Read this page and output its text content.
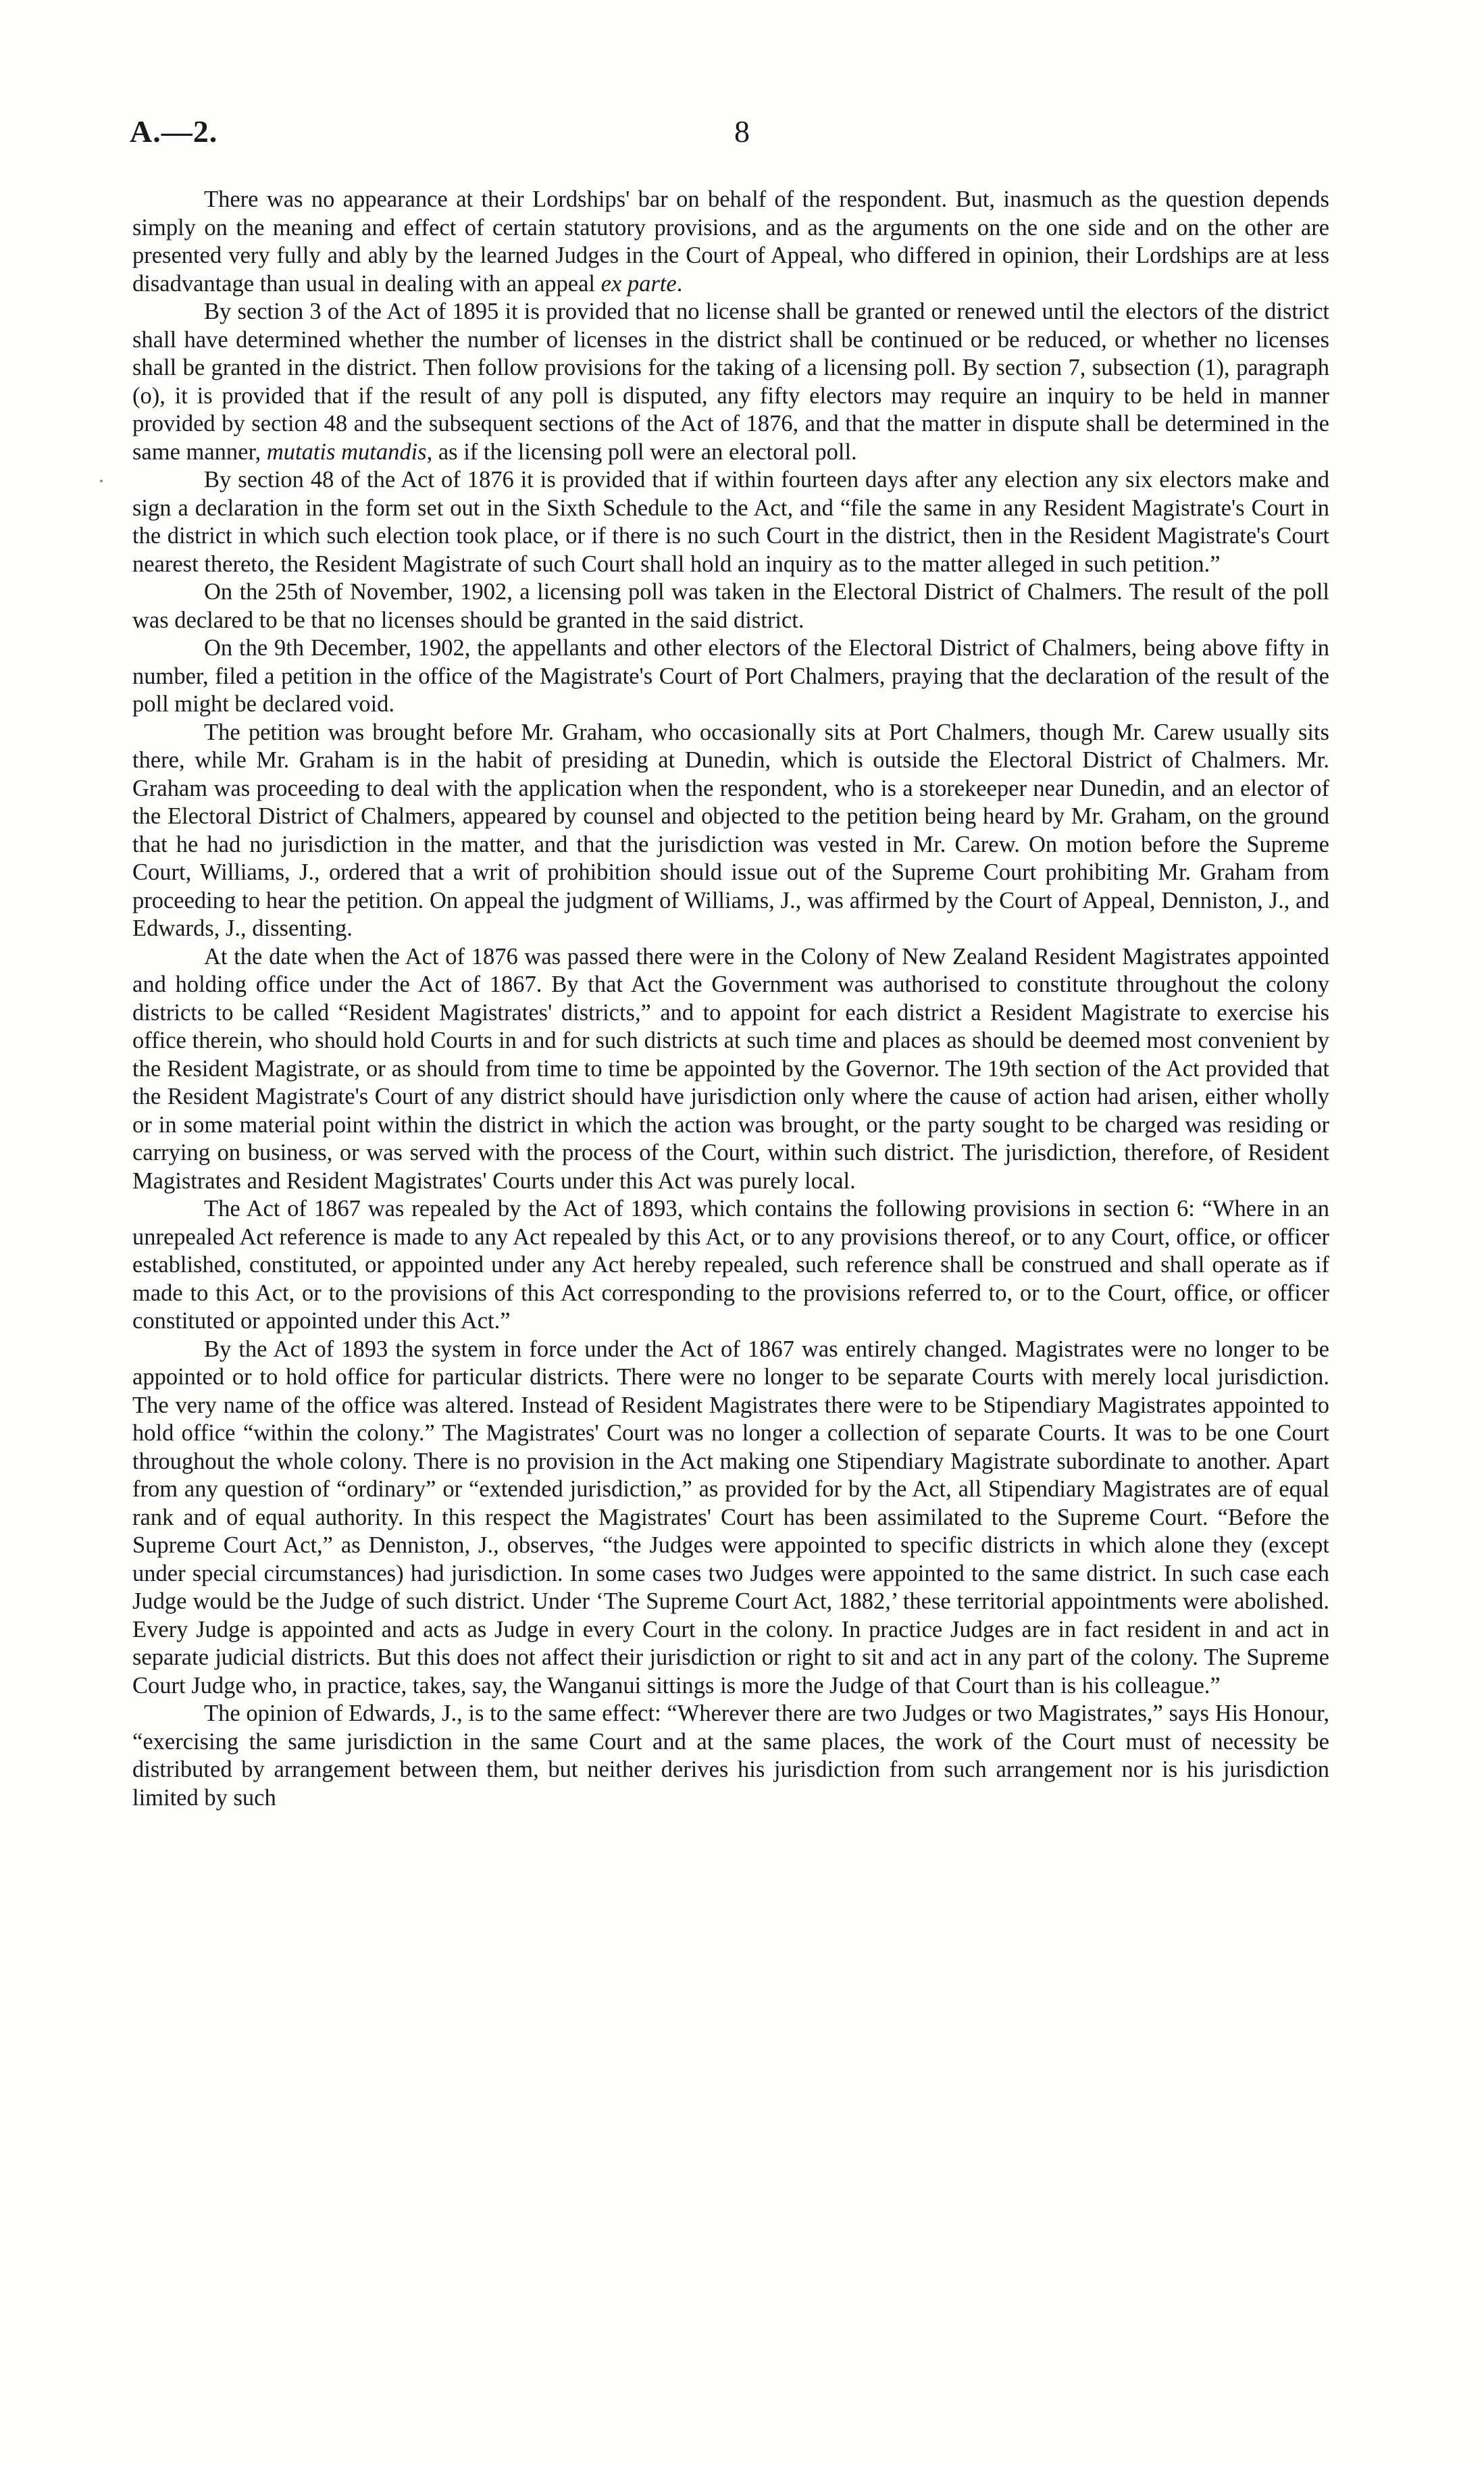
A.—2.	8

There was no appearance at their Lordships' bar on behalf of the respondent. But, inasmuch as the question depends simply on the meaning and effect of certain statutory provisions, and as the arguments on the one side and on the other are presented very fully and ably by the learned Judges in the Court of Appeal, who differed in opinion, their Lordships are at less disadvantage than usual in dealing with an appeal ex parte.

By section 3 of the Act of 1895 it is provided that no license shall be granted or renewed until the electors of the district shall have determined whether the number of licenses in the district shall be continued or be reduced, or whether no licenses shall be granted in the district. Then follow provisions for the taking of a licensing poll. By section 7, subsection (1), paragraph (o), it is provided that if the result of any poll is disputed, any fifty electors may require an inquiry to be held in manner provided by section 48 and the subsequent sections of the Act of 1876, and that the matter in dispute shall be determined in the same manner, mutatis mutandis, as if the licensing poll were an electoral poll.

By section 48 of the Act of 1876 it is provided that if within fourteen days after any election any six electors make and sign a declaration in the form set out in the Sixth Schedule to the Act, and “file the same in any Resident Magistrate's Court in the district in which such election took place, or if there is no such Court in the district, then in the Resident Magistrate's Court nearest thereto, the Resident Magistrate of such Court shall hold an inquiry as to the matter alleged in such petition.”

On the 25th of November, 1902, a licensing poll was taken in the Electoral District of Chalmers. The result of the poll was declared to be that no licenses should be granted in the said district.

On the 9th December, 1902, the appellants and other electors of the Electoral District of Chalmers, being above fifty in number, filed a petition in the office of the Magistrate's Court of Port Chalmers, praying that the declaration of the result of the poll might be declared void.

The petition was brought before Mr. Graham, who occasionally sits at Port Chalmers, though Mr. Carew usually sits there, while Mr. Graham is in the habit of presiding at Dunedin, which is outside the Electoral District of Chalmers. Mr. Graham was proceeding to deal with the application when the respondent, who is a storekeeper near Dunedin, and an elector of the Electoral District of Chalmers, appeared by counsel and objected to the petition being heard by Mr. Graham, on the ground that he had no jurisdiction in the matter, and that the jurisdiction was vested in Mr. Carew. On motion before the Supreme Court, Williams, J., ordered that a writ of prohibition should issue out of the Supreme Court prohibiting Mr. Graham from proceeding to hear the petition. On appeal the judgment of Williams, J., was affirmed by the Court of Appeal, Denniston, J., and Edwards, J., dissenting.

At the date when the Act of 1876 was passed there were in the Colony of New Zealand Resident Magistrates appointed and holding office under the Act of 1867. By that Act the Government was authorised to constitute throughout the colony districts to be called “Resident Magistrates' districts,” and to appoint for each district a Resident Magistrate to exercise his office therein, who should hold Courts in and for such districts at such time and places as should be deemed most convenient by the Resident Magistrate, or as should from time to time be appointed by the Governor. The 19th section of the Act provided that the Resident Magistrate's Court of any district should have jurisdiction only where the cause of action had arisen, either wholly or in some material point within the district in which the action was brought, or the party sought to be charged was residing or carrying on business, or was served with the process of the Court, within such district. The jurisdiction, therefore, of Resident Magistrates and Resident Magistrates' Courts under this Act was purely local.

The Act of 1867 was repealed by the Act of 1893, which contains the following provisions in section 6: “Where in an unrepealed Act reference is made to any Act repealed by this Act, or to any provisions thereof, or to any Court, office, or officer established, constituted, or appointed under any Act hereby repealed, such reference shall be construed and shall operate as if made to this Act, or to the provisions of this Act corresponding to the provisions referred to, or to the Court, office, or officer constituted or appointed under this Act.”

By the Act of 1893 the system in force under the Act of 1867 was entirely changed. Magistrates were no longer to be appointed or to hold office for particular districts. There were no longer to be separate Courts with merely local jurisdiction. The very name of the office was altered. Instead of Resident Magistrates there were to be Stipendiary Magistrates appointed to hold office “within the colony.” The Magistrates' Court was no longer a collection of separate Courts. It was to be one Court throughout the whole colony. There is no provision in the Act making one Stipendiary Magistrate subordinate to another. Apart from any question of “ordinary” or “extended jurisdiction,” as provided for by the Act, all Stipendiary Magistrates are of equal rank and of equal authority. In this respect the Magistrates' Court has been assimilated to the Supreme Court. “Before the Supreme Court Act,” as Denniston, J., observes, “the Judges were appointed to specific districts in which alone they (except under special circumstances) had jurisdiction. In some cases two Judges were appointed to the same district. In such case each Judge would be the Judge of such district. Under ‘The Supreme Court Act, 1882,’ these territorial appointments were abolished. Every Judge is appointed and acts as Judge in every Court in the colony. In practice Judges are in fact resident in and act in separate judicial districts. But this does not affect their jurisdiction or right to sit and act in any part of the colony. The Supreme Court Judge who, in practice, takes, say, the Wanganui sittings is more the Judge of that Court than is his colleague.”

The opinion of Edwards, J., is to the same effect: “Wherever there are two Judges or two Magistrates,” says His Honour, “exercising the same jurisdiction in the same Court and at the same places, the work of the Court must of necessity be distributed by arrangement between them, but neither derives his jurisdiction from such arrangement nor is his jurisdiction limited by such
